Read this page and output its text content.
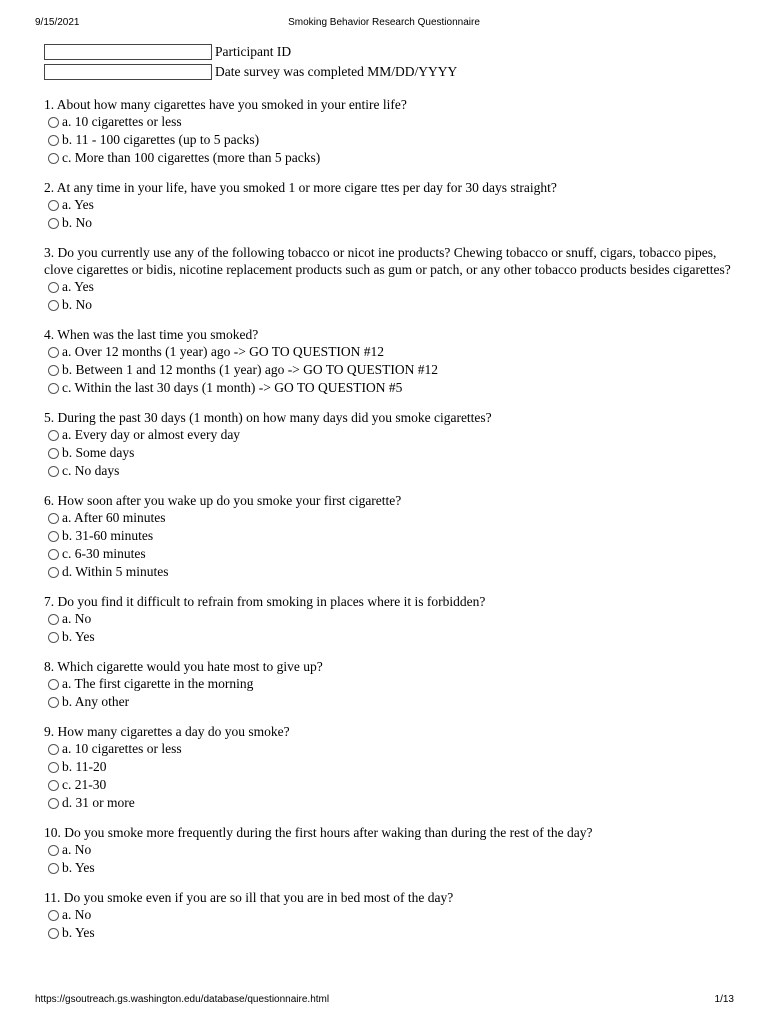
9/15/2021	Smoking Behavior Research Questionnaire
Participant ID
Date survey was completed MM/DD/YYYY
1. About how many cigarettes have you smoked in your entire life?
a. 10 cigarettes or less
b. 11 - 100 cigarettes (up to 5 packs)
c. More than 100 cigarettes (more than 5 packs)
2. At any time in your life, have you smoked 1 or more cigare ttes per day for 30 days straight?
a. Yes
b. No
3. Do you currently use any of the following tobacco or nicot ine products? Chewing tobacco or snuff, cigars, tobacco pipes, clove cigarettes or bidis, nicotine replacement products such as gum or patch, or any other tobacco products besides cigarettes?
a. Yes
b. No
4. When was the last time you smoked?
a. Over 12 months (1 year) ago -> GO TO QUESTION #12
b. Between 1 and 12 months (1 year) ago -> GO TO QUESTION #12
c. Within the last 30 days (1 month) -> GO TO QUESTION #5
5. During the past 30 days (1 month) on how many days did you smoke cigarettes?
a. Every day or almost every day
b. Some days
c. No days
6. How soon after you wake up do you smoke your first cigarette?
a. After 60 minutes
b. 31-60 minutes
c. 6-30 minutes
d. Within 5 minutes
7. Do you find it difficult to refrain from smoking in places where it is forbidden?
a. No
b. Yes
8. Which cigarette would you hate most to give up?
a. The first cigarette in the morning
b. Any other
9. How many cigarettes a day do you smoke?
a. 10 cigarettes or less
b. 11-20
c. 21-30
d. 31 or more
10. Do you smoke more frequently during the first hours after waking than during the rest of the day?
a. No
b. Yes
11. Do you smoke even if you are so ill that you are in bed most of the day?
a. No
b. Yes
https://gsoutreach.gs.washington.edu/database/questionnaire.html	1/13
